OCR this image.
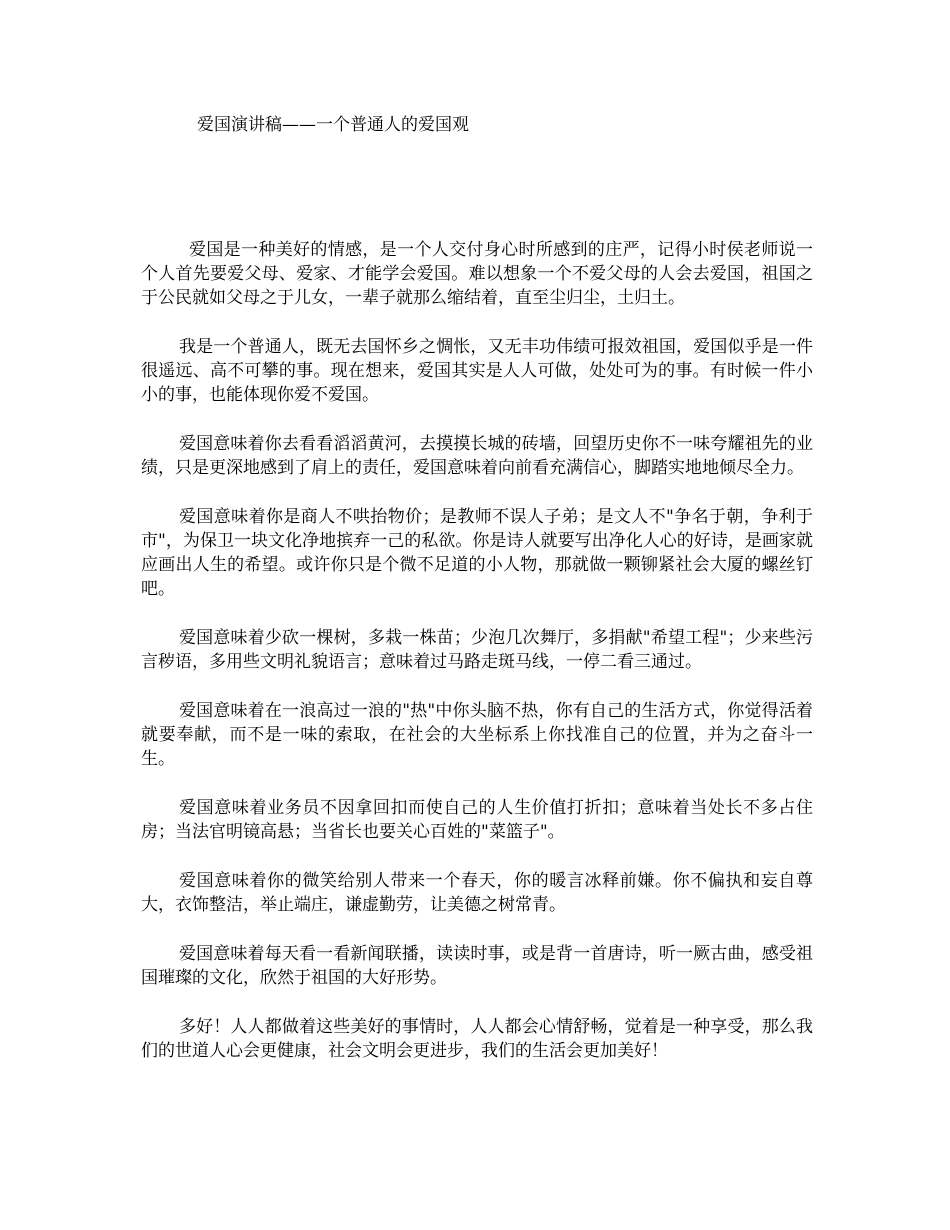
爱国演讲稿——一个普通人的爱国观

爱国是一种美好的情感，是一个人交付身心时所感到的庄严，记得小时侯老师说一个人首先要爱父母、爱家、才能学会爱国。难以想象一个不爱父母的人会去爱国，祖国之于公民就如父母之于儿女，一辈子就那么缩结着，直至尘归尘，土归土。

我是一个普通人，既无去国怀乡之惆怅，又无丰功伟绩可报效祖国，爱国似乎是一件很遥远、高不可攀的事。现在想来，爱国其实是人人可做，处处可为的事。有时候一件小小的事，也能体现你爱不爱国。

爱国意味着你去看看滔滔黄河，去摸摸长城的砖墙，回望历史你不一味夸耀祖先的业绩，只是更深地感到了肩上的责任，爱国意味着向前看充满信心，脚踏实地地倾尽全力。

爱国意味着你是商人不哄抬物价；是教师不误人子弟；是文人不"争名于朝，争利于市"，为保卫一块文化净地摈弃一己的私欲。你是诗人就要写出净化人心的好诗，是画家就应画出人生的希望。或许你只是个微不足道的小人物，那就做一颗铆紧社会大厦的螺丝钉吧。

爱国意味着少砍一棵树，多栽一株苗；少泡几次舞厅，多捐献"希望工程"；少来些污言秽语，多用些文明礼貌语言；意味着过马路走斑马线，一停二看三通过。

爱国意味着在一浪高过一浪的"热"中你头脑不热，你有自己的生活方式，你觉得活着就要奉献，而不是一味的索取，在社会的大坐标系上你找准自己的位置，并为之奋斗一生。

爱国意味着业务员不因拿回扣而使自己的人生价值打折扣；意味着当处长不多占住房；当法官明镜高悬；当省长也要关心百姓的"菜篮子"。

爱国意味着你的微笑给别人带来一个春天，你的暖言冰释前嫌。你不偏执和妄自尊大，衣饰整洁，举止端庄，谦虚勤劳，让美德之树常青。

爱国意味着每天看一看新闻联播，读读时事，或是背一首唐诗，听一厥古曲，感受祖国璀璨的文化，欣然于祖国的大好形势。

多好！人人都做着这些美好的事情时，人人都会心情舒畅，觉着是一种享受，那么我们的世道人心会更健康，社会文明会更进步，我们的生活会更加美好！
